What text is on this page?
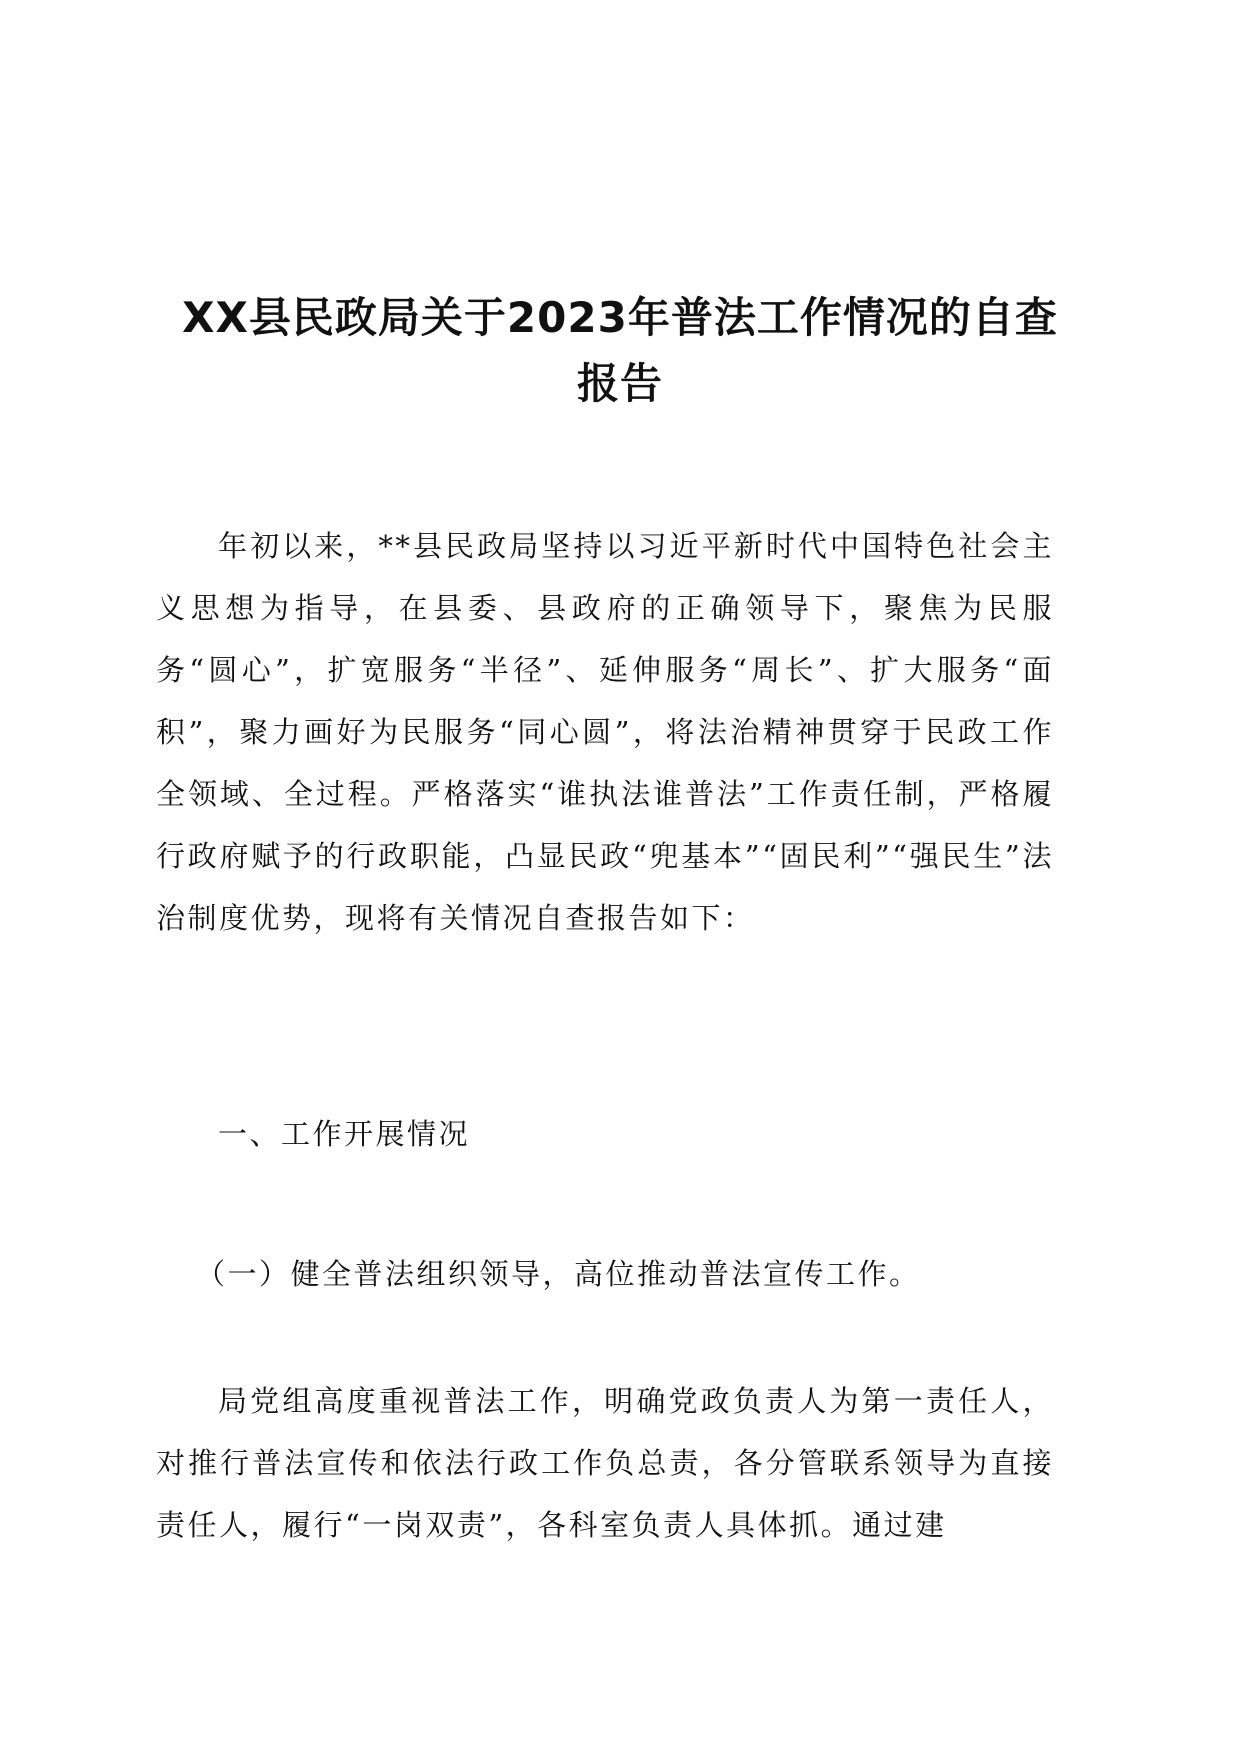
XX县民政局关于2023年普法工作情况的自查
报告

年初以来，**县民政局坚持以习近平新时代中国特色社会主义思想为指导，在县委、县政府的正确领导下，聚焦为民服务“圆心”，扩宽服务“半径”、延伸服务“周长”、扩大服务“面积”，聚力画好为民服务“同心圆”，将法治精神贯穿于民政工作全领域、全过程。严格落实“谁执法谁普法”工作责任制，严格履行政府赋予的行政职能，凸显民政“兜基本”“固民利”“强民生”法治制度优势，现将有关情况自查报告如下：

一、工作开展情况

（一）健全普法组织领导，高位推动普法宣传工作。

局党组高度重视普法工作，明确党政负责人为第一责任人，对推行普法宣传和依法行政工作负总责，各分管联系领导为直接责任人，履行“一岗双责”，各科室负责人具体抓。通过建
